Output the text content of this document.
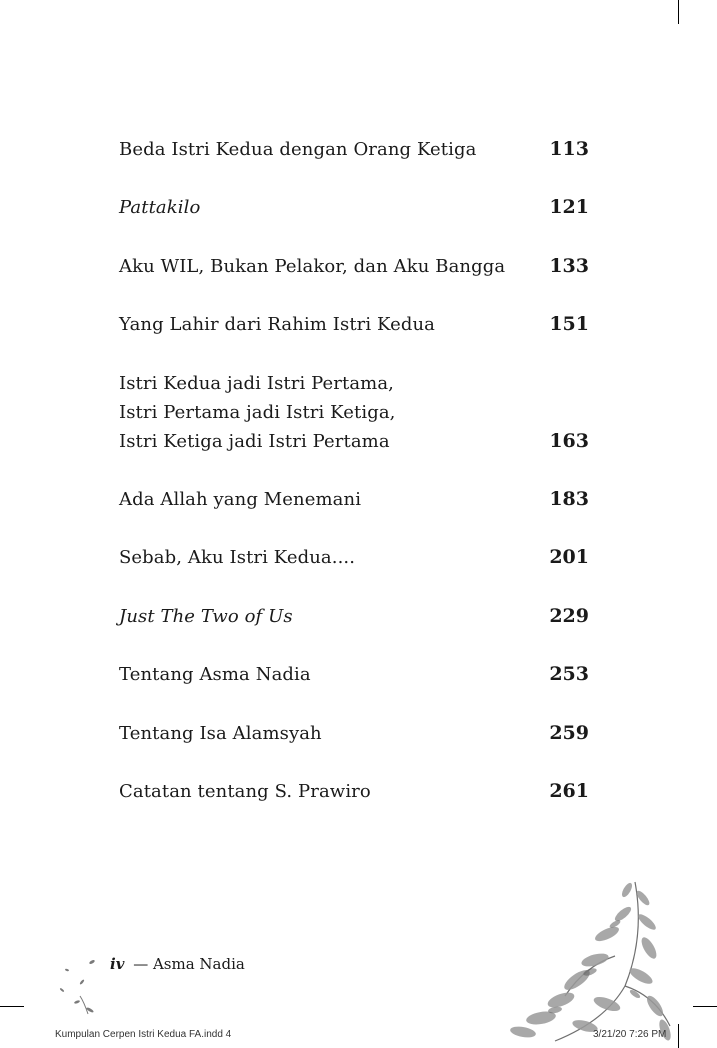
Beda Istri Kedua dengan Orang Ketiga	113
Pattakilo	121
Aku WIL, Bukan Pelakor, dan Aku Bangga	133
Yang Lahir dari Rahim Istri Kedua	151
Istri Kedua jadi Istri Pertama,
Istri Pertama jadi Istri Ketiga,
Istri Ketiga jadi Istri Pertama	163
Ada Allah yang Menemani	183
Sebab, Aku Istri Kedua....	201
Just The Two of Us	229
Tentang Asma Nadia	253
Tentang Isa Alamsyah	259
Catatan tentang S. Prawiro	261
iv — Asma Nadia
Kumpulan Cerpen Istri Kedua FA.indd 4	3/21/20 7:26 PM
